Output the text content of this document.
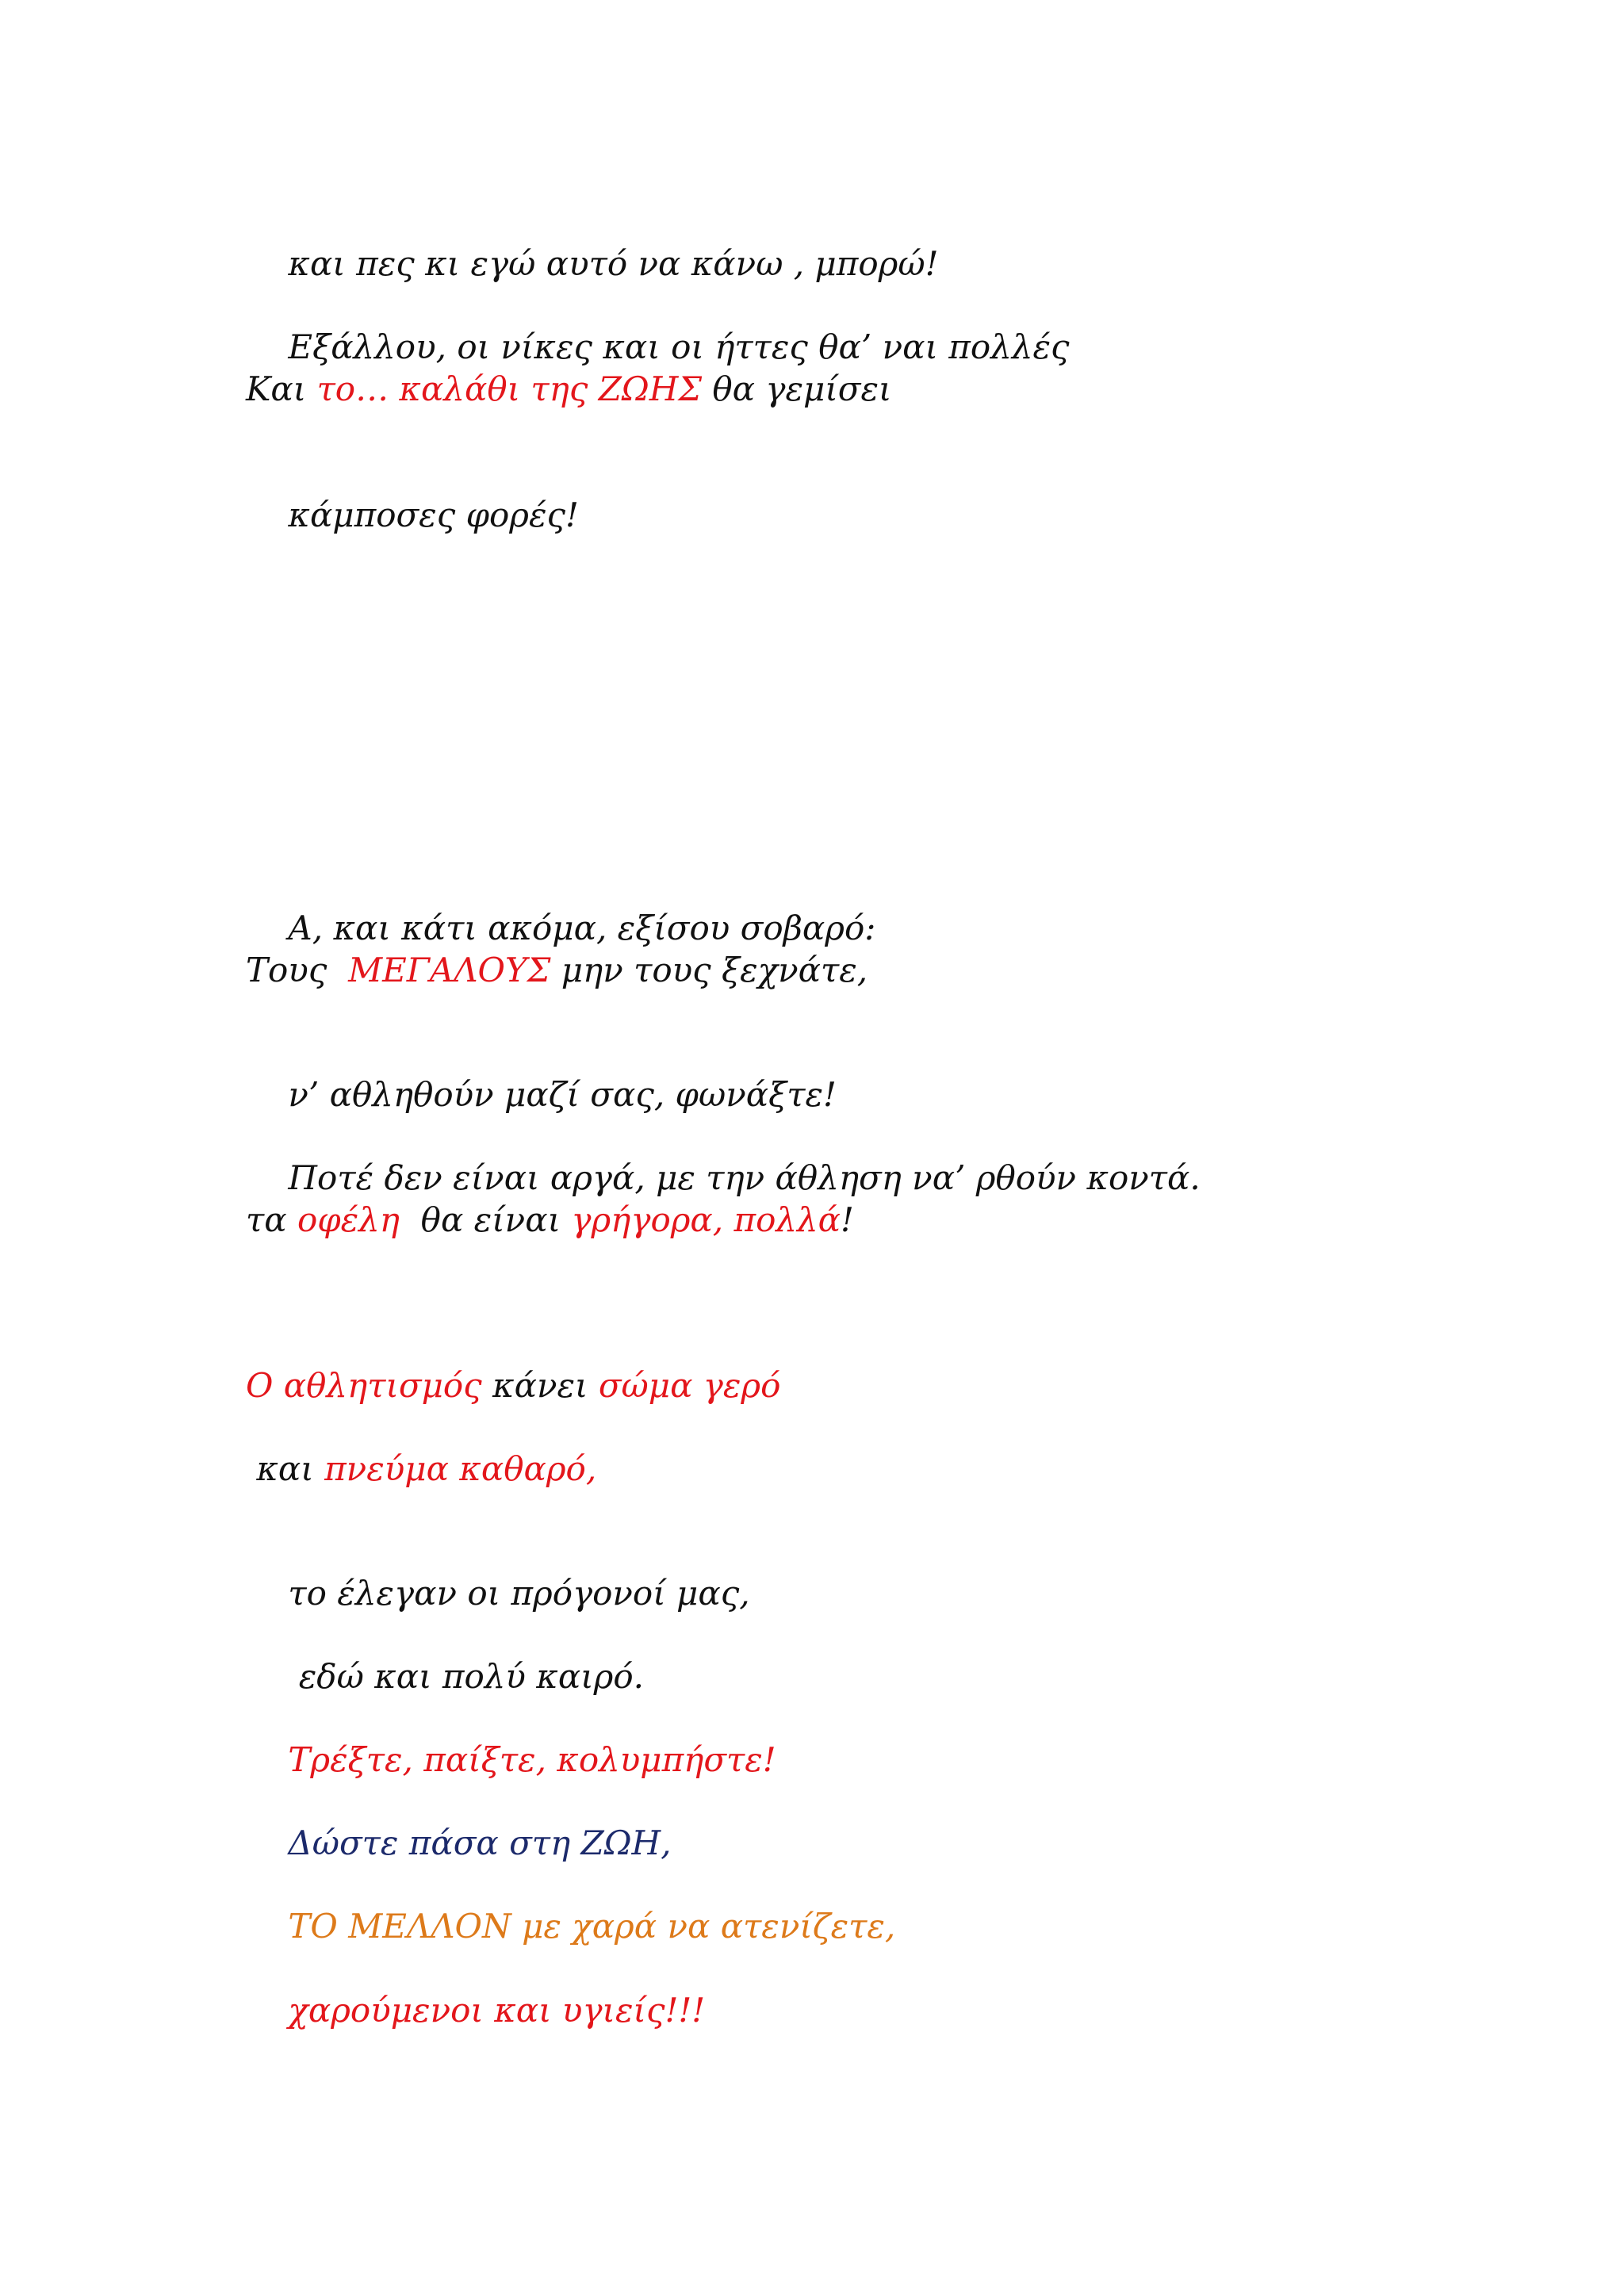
και πες κι εγώ αυτό να κάνω , μπορώ!

Εξάλλου, οι νίκες και οι ήττες θα’ ναι πολλές

Και το… καλάθι της ΖΩΗΣ θα γεμίσει

κάμποσες φορές!

Α, και κάτι ακόμα, εξίσου σοβαρό:

Τους  ΜΕΓΑΛΟΥΣ μην τους ξεχνάτε,

ν’ αθληθούν μαζί σας, φωνάξτε!

Ποτέ δεν είναι αργά, με την άθληση να’ ρθούν κοντά.

τα οφέλη  θα είναι γρήγορα, πολλά!
Ο αθλητισμός κάνει σώμα γερό
και πνεύμα καθαρό,

το έλεγαν οι πρόγονοί μας,

εδώ και πολύ καιρό.

Τρέξτε, παίξτε, κολυμπήστε!

Δώστε πάσα στη ΖΩΗ,

ΤΟ ΜΕΛΛΟΝ με χαρά να ατενίζετε,

χαρούμενοι και υγιείς!!!
